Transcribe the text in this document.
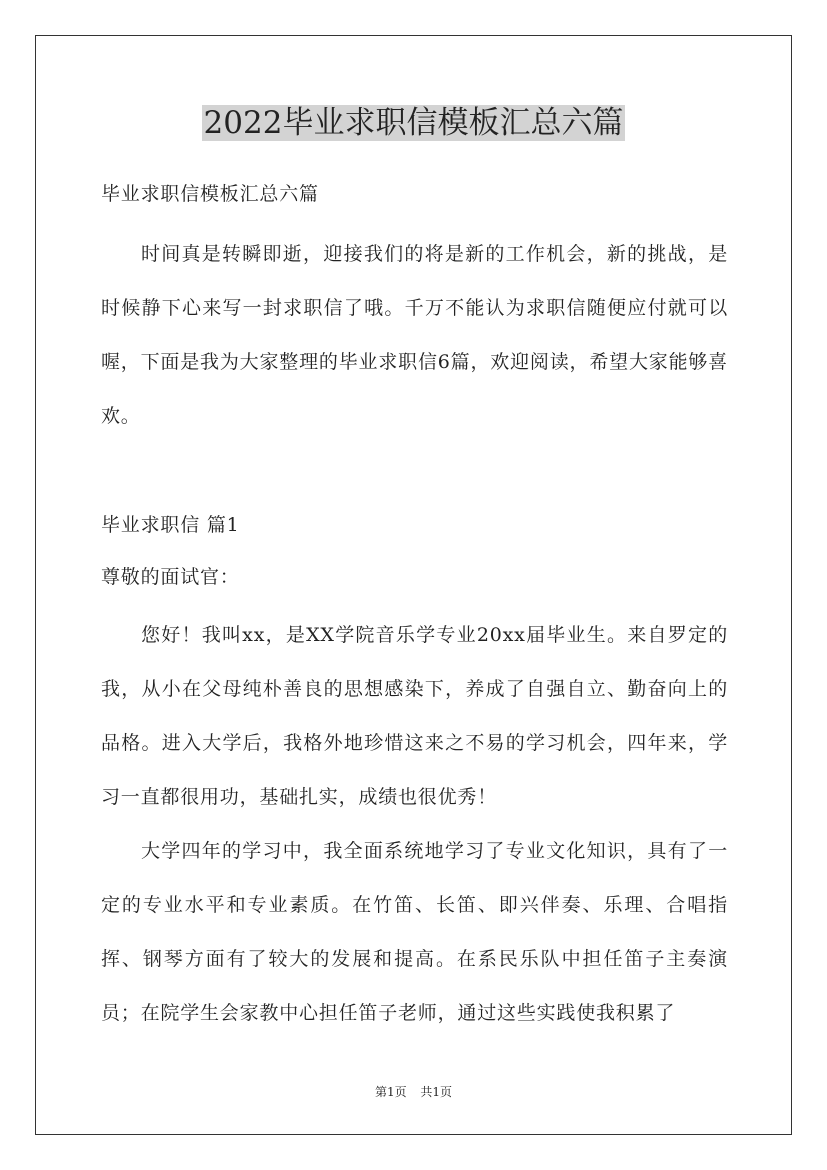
2022毕业求职信模板汇总六篇
毕业求职信模板汇总六篇

时间真是转瞬即逝，迎接我们的将是新的工作机会，新的挑战，是时候静下心来写一封求职信了哦。千万不能认为求职信随便应付就可以喔，下面是我为大家整理的毕业求职信6篇，欢迎阅读，希望大家能够喜欢。

毕业求职信 篇1
尊敬的面试官：

您好！我叫xx，是XX学院音乐学专业20xx届毕业生。来自罗定的我，从小在父母纯朴善良的思想感染下，养成了自强自立、勤奋向上的品格。进入大学后，我格外地珍惜这来之不易的学习机会，四年来，学习一直都很用功，基础扎实，成绩也很优秀！

大学四年的学习中，我全面系统地学习了专业文化知识，具有了一定的专业水平和专业素质。在竹笛、长笛、即兴伴奏、乐理、合唱指挥、钢琴方面有了较大的发展和提高。在系民乐队中担任笛子主奏演员；在院学生会家教中心担任笛子老师，通过这些实践使我积累了

第1页 共1页
